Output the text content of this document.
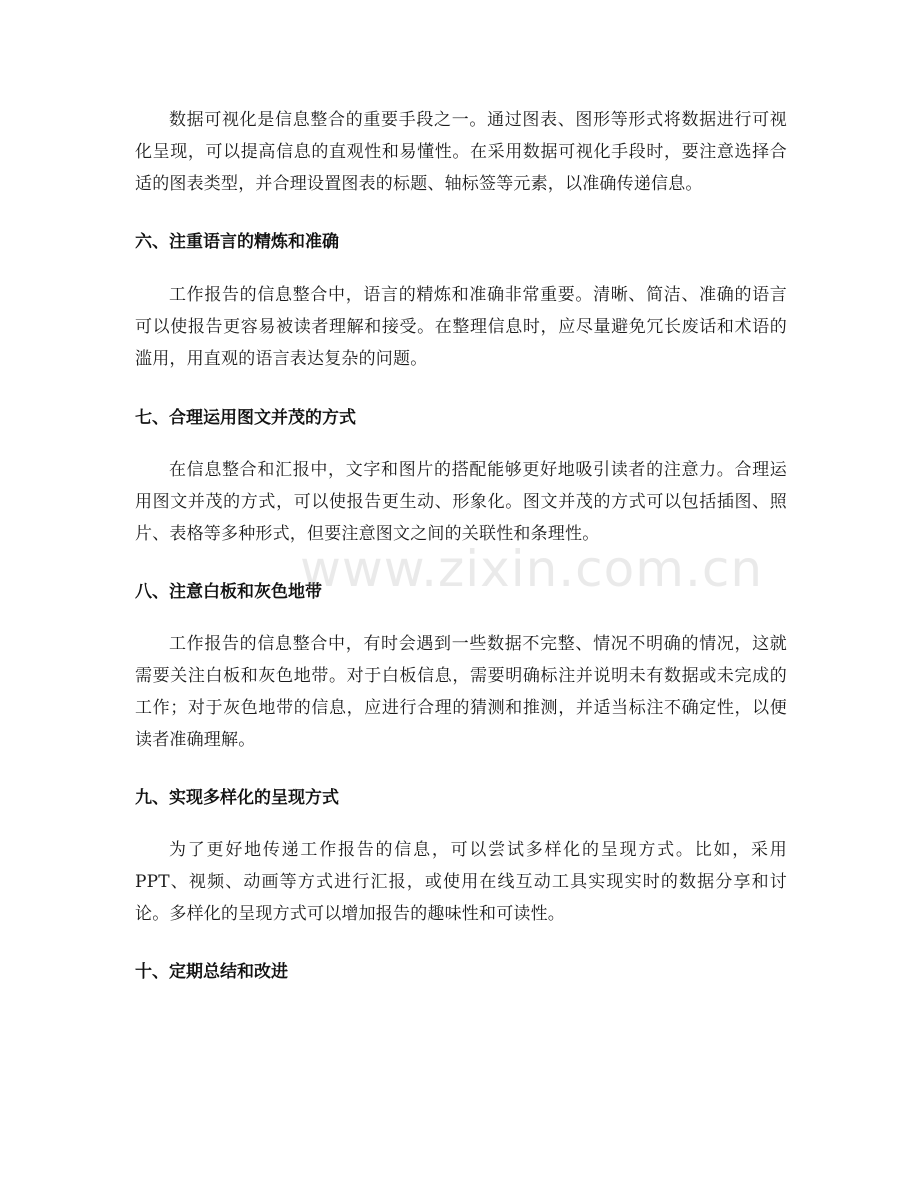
数据可视化是信息整合的重要手段之一。通过图表、图形等形式将数据进行可视化呈现，可以提高信息的直观性和易懂性。在采用数据可视化手段时，要注意选择合适的图表类型，并合理设置图表的标题、轴标签等元素，以准确传递信息。

六、注重语言的精炼和准确

工作报告的信息整合中，语言的精炼和准确非常重要。清晰、简洁、准确的语言可以使报告更容易被读者理解和接受。在整理信息时，应尽量避免冗长废话和术语的滥用，用直观的语言表达复杂的问题。

七、合理运用图文并茂的方式

在信息整合和汇报中，文字和图片的搭配能够更好地吸引读者的注意力。合理运用图文并茂的方式，可以使报告更生动、形象化。图文并茂的方式可以包括插图、照片、表格等多种形式，但要注意图文之间的关联性和条理性。

八、注意白板和灰色地带

工作报告的信息整合中，有时会遇到一些数据不完整、情况不明确的情况，这就需要关注白板和灰色地带。对于白板信息，需要明确标注并说明未有数据或未完成的工作；对于灰色地带的信息，应进行合理的猜测和推测，并适当标注不确定性，以便读者准确理解。

九、实现多样化的呈现方式

为了更好地传递工作报告的信息，可以尝试多样化的呈现方式。比如，采用PPT、视频、动画等方式进行汇报，或使用在线互动工具实现实时的数据分享和讨论。多样化的呈现方式可以增加报告的趣味性和可读性。

十、定期总结和改进
www.zixin.com.cn
